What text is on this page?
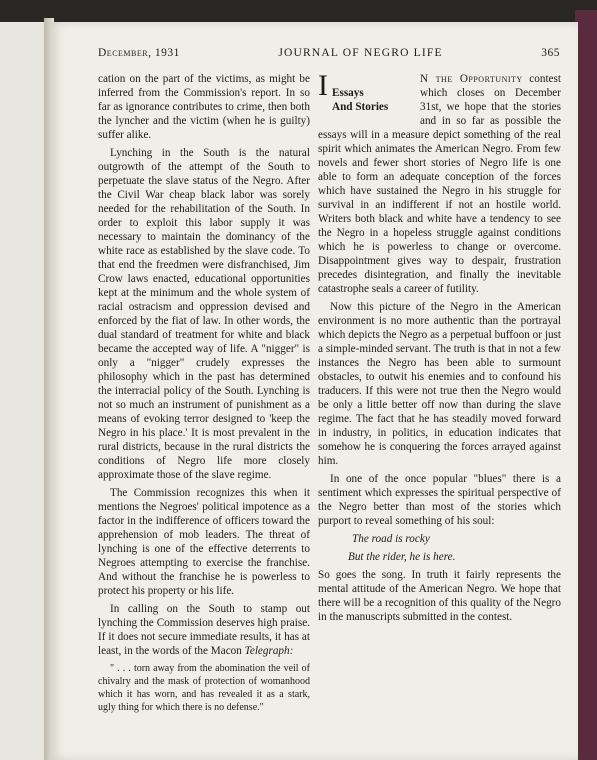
December, 1931	JOURNAL OF NEGRO LIFE	365

cation on the part of the victims, as might be inferred from the Commission's report. In so far as ignorance contributes to crime, then both the lyncher and the victim (when he is guilty) suffer alike.

Lynching in the South is the natural outgrowth of the attempt of the South to perpetuate the slave status of the Negro. After the Civil War cheap black labor was sorely needed for the rehabilitation of the South. In order to exploit this labor supply it was necessary to maintain the dominancy of the white race as established by the slave code. To that end the freedmen were disfranchised, Jim Crow laws enacted, educational opportunities kept at the minimum and the whole system of racial ostracism and oppression devised and enforced by the fiat of law. In other words, the dual standard of treatment for white and black became the accepted way of life. A "nigger" is only a "nigger" crudely expresses the philosophy which in the past has determined the interracial policy of the South. Lynching is not so much an instrument of punishment as a means of evoking terror designed to 'keep the Negro in his place.' It is most prevalent in the rural districts, because in the rural districts the conditions of Negro life more closely approximate those of the slave regime.

The Commission recognizes this when it mentions the Negroes' political impotence as a factor in the indifference of officers toward the apprehension of mob leaders. The threat of lynching is one of the effective deterrents to Negroes attempting to exercise the franchise. And without the franchise he is powerless to protect his property or his life.

In calling on the South to stamp out lynching the Commission deserves high praise. If it does not secure immediate results, it has at least, in the words of the Macon Telegraph:

" . . . torn away from the abomination the veil of chivalry and the mask of protection of womanhood which it has worn, and has revealed it as a stark, ugly thing for which there is no defense."

I	N the Opportunity
Essays
And Stories
contest which closes on December 31st, we hope that the stories and in so far as possible the essays will in a measure depict something of the real spirit which animates the American Negro. From few novels and fewer short stories of Negro life is one able to form an adequate conception of the forces which have sustained the Negro in his struggle for survival in an indifferent if not an hostile world. Writers both black and white have a tendency to see the Negro in a hopeless struggle against conditions which he is powerless to change or overcome. Disappointment gives way to despair, frustration precedes disintegration, and finally the inevitable catastrophe seals a career of futility.

Now this picture of the Negro in the American environment is no more authentic than the portrayal which depicts the Negro as a perpetual buffoon or just a simple-minded servant. The truth is that in not a few instances the Negro has been able to surmount obstacles, to outwit his enemies and to confound his traducers. If this were not true then the Negro would be only a little better off now than during the slave regime. The fact that he has steadily moved forward in industry, in politics, in education indicates that somehow he is conquering the forces arrayed against him.

In one of the once popular "blues" there is a sentiment which expresses the spiritual perspective of the Negro better than most of the stories which purport to reveal something of his soul:

The road is rocky

But the rider, he is here.

So goes the song. In truth it fairly represents the mental attitude of the American Negro. We hope that there will be a recognition of this quality of the Negro in the manuscripts submitted in the contest.
